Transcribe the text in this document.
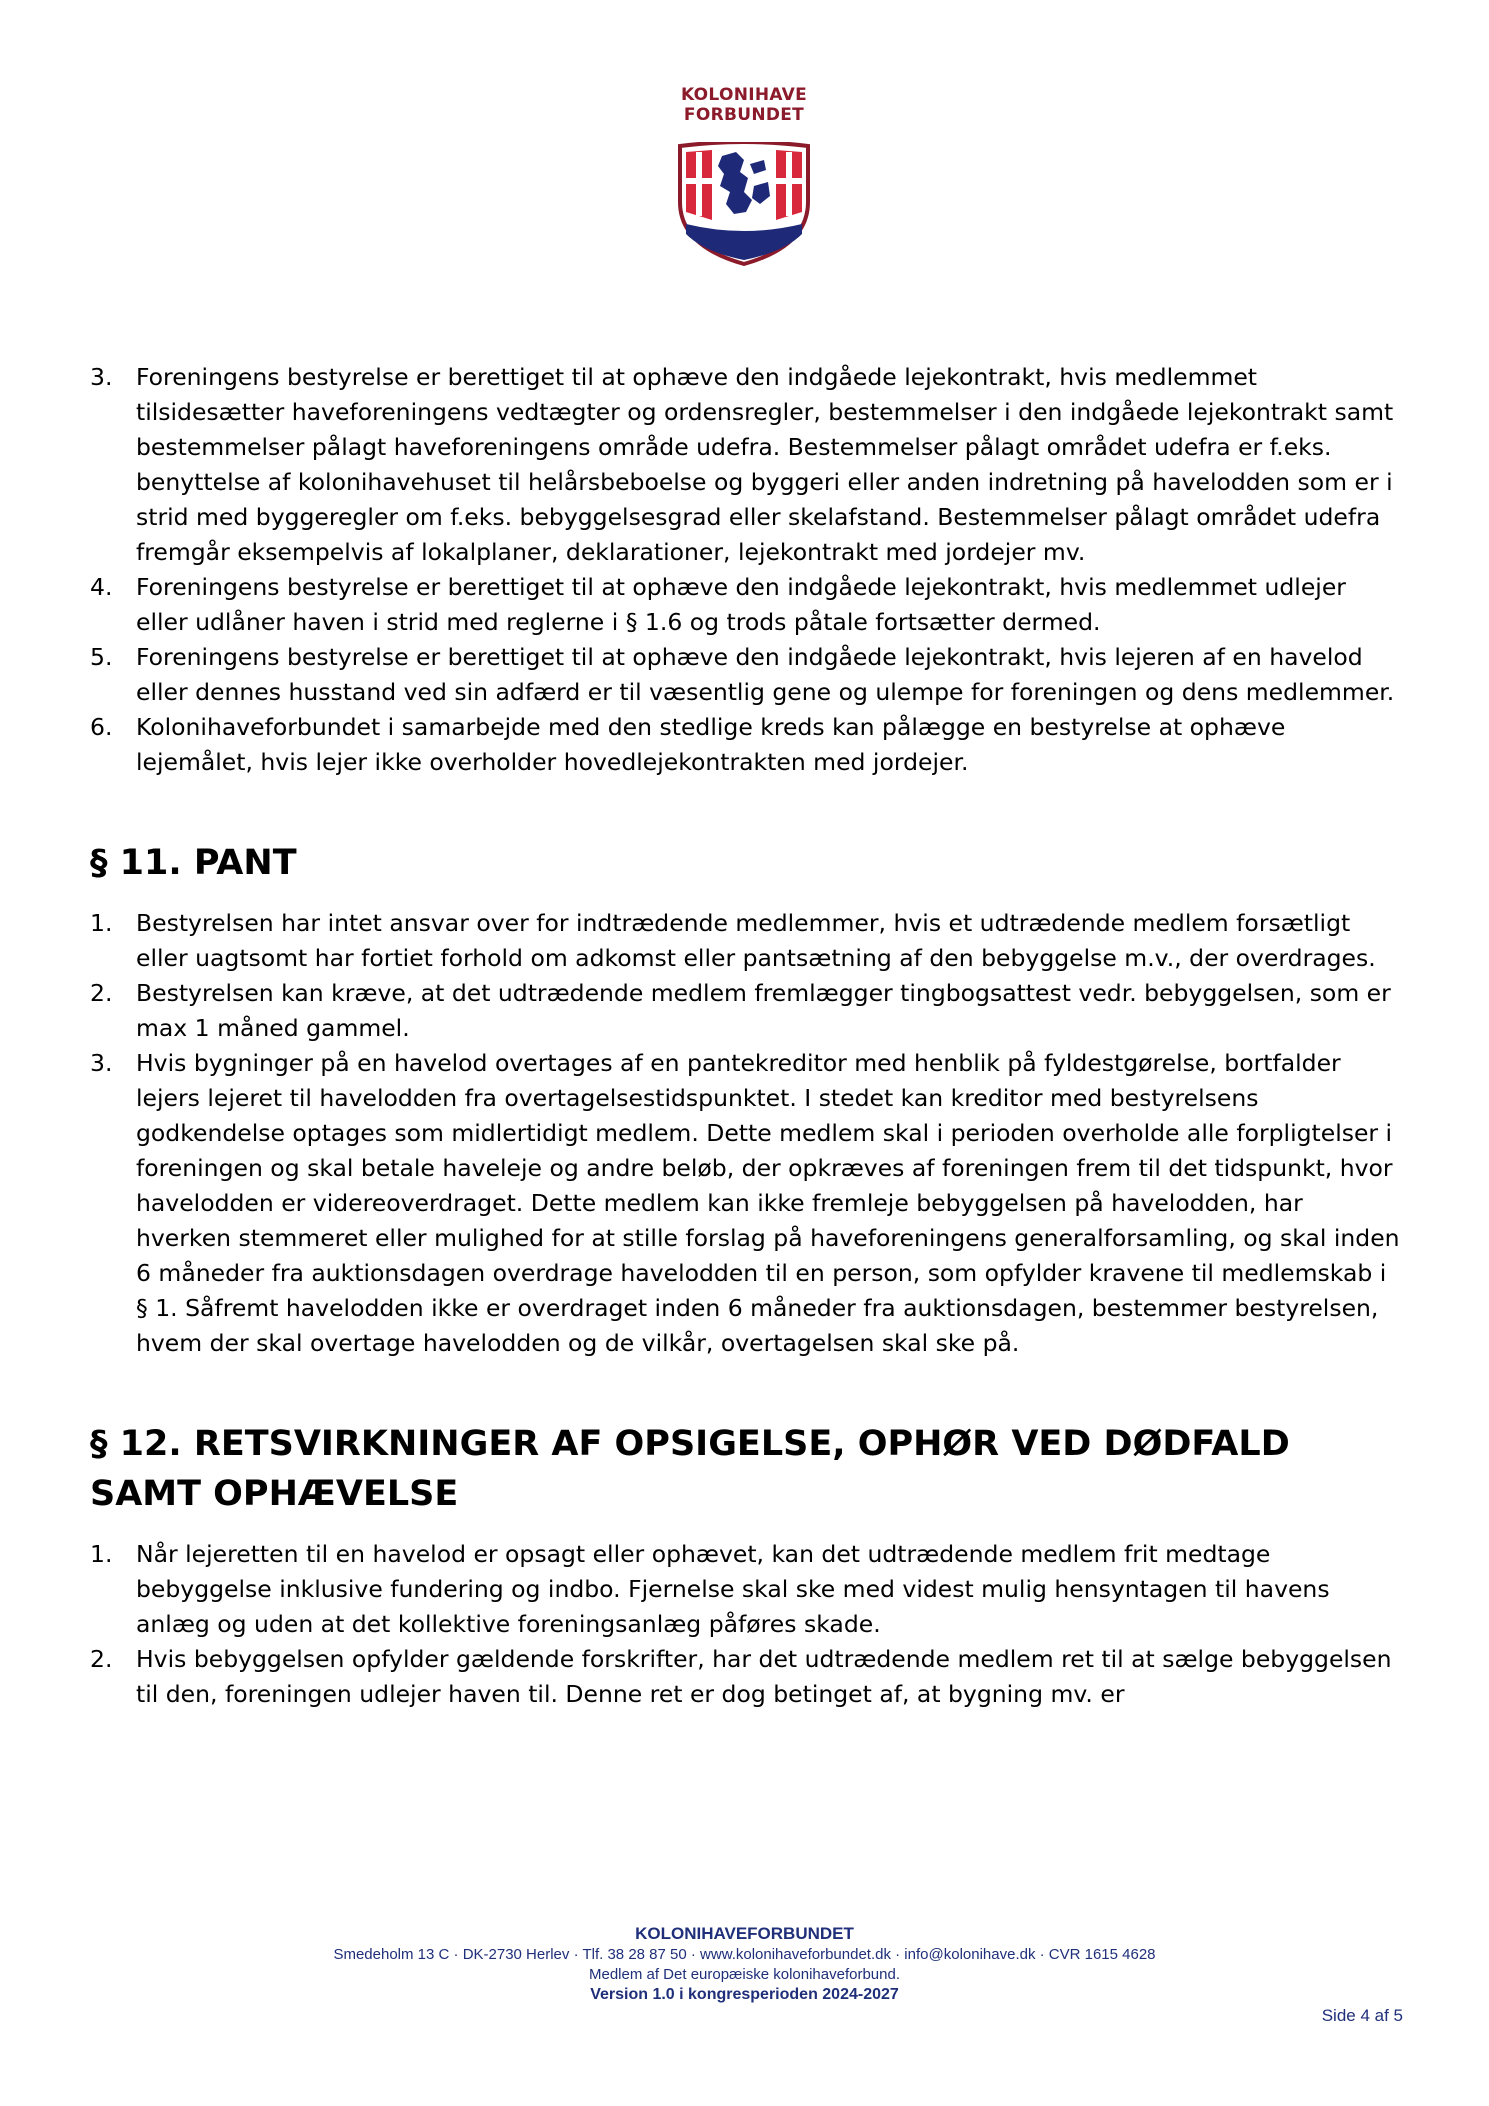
KOLONIHAVE
FORBUNDET
3. Foreningens bestyrelse er berettiget til at ophæve den indgåede lejekontrakt, hvis medlemmet tilsidesætter haveforeningens vedtægter og ordensregler, bestemmelser i den indgåede lejekontrakt samt bestemmelser pålagt haveforeningens område udefra. Bestemmelser pålagt området udefra er f.eks. benyttelse af kolonihavehuset til helårsbeboelse og byggeri eller anden indretning på havelodden som er i strid med byggeregler om f.eks. bebyggelsesgrad eller skelafstand. Bestemmelser pålagt området udefra fremgår eksempelvis af lokalplaner, deklarationer, lejekontrakt med jordejer mv.
4. Foreningens bestyrelse er berettiget til at ophæve den indgåede lejekontrakt, hvis medlemmet udlejer eller udlåner haven i strid med reglerne i § 1.6 og trods påtale fortsætter dermed.
5. Foreningens bestyrelse er berettiget til at ophæve den indgåede lejekontrakt, hvis lejeren af en havelod eller dennes husstand ved sin adfærd er til væsentlig gene og ulempe for foreningen og dens medlemmer.
6. Kolonihaveforbundet i samarbejde med den stedlige kreds kan pålægge en bestyrelse at ophæve lejemålet, hvis lejer ikke overholder hovedlejekontrakten med jordejer.
§ 11. PANT
1. Bestyrelsen har intet ansvar over for indtrædende medlemmer, hvis et udtrædende medlem forsætligt eller uagtsomt har fortiet forhold om adkomst eller pantsætning af den bebyggelse m.v., der overdrages.
2. Bestyrelsen kan kræve, at det udtrædende medlem fremlægger tingbogsattest vedr. bebyggelsen, som er max 1 måned gammel.
3. Hvis bygninger på en havelod overtages af en pantekreditor med henblik på fyldestgørelse, bortfalder lejers lejeret til havelodden fra overtagelsestidspunktet. I stedet kan kreditor med bestyrelsens godkendelse optages som midlertidigt medlem. Dette medlem skal i perioden overholde alle forpligtelser i foreningen og skal betale haveleje og andre beløb, der opkræves af foreningen frem til det tidspunkt, hvor havelodden er videreoverdraget. Dette medlem kan ikke fremleje bebyggelsen på havelodden, har hverken stemmeret eller mulighed for at stille forslag på haveforeningens generalforsamling, og skal inden 6 måneder fra auktionsdagen overdrage havelodden til en person, som opfylder kravene til medlemskab i § 1. Såfremt havelodden ikke er overdraget inden 6 måneder fra auktionsdagen, bestemmer bestyrelsen, hvem der skal overtage havelodden og de vilkår, overtagelsen skal ske på.
§ 12. RETSVIRKNINGER AF OPSIGELSE, OPHØR VED DØDFALD SAMT OPHÆVELSE
1. Når lejeretten til en havelod er opsagt eller ophævet, kan det udtrædende medlem frit medtage bebyggelse inklusive fundering og indbo. Fjernelse skal ske med videst mulig hensyntagen til havens anlæg og uden at det kollektive foreningsanlæg påføres skade.
2. Hvis bebyggelsen opfylder gældende forskrifter, har det udtrædende medlem ret til at sælge bebyggelsen til den, foreningen udlejer haven til. Denne ret er dog betinget af, at bygning mv. er
KOLONIHAVEFORBUNDET
Smedeholm 13 C · DK-2730 Herlev · Tlf. 38 28 87 50 · www.kolonihaveforbundet.dk · info@kolonihave.dk · CVR 1615 4628
Medlem af Det europæiske kolonihaveforbund.
Version 1.0 i kongresperioden 2024-2027
Side 4 af 5
